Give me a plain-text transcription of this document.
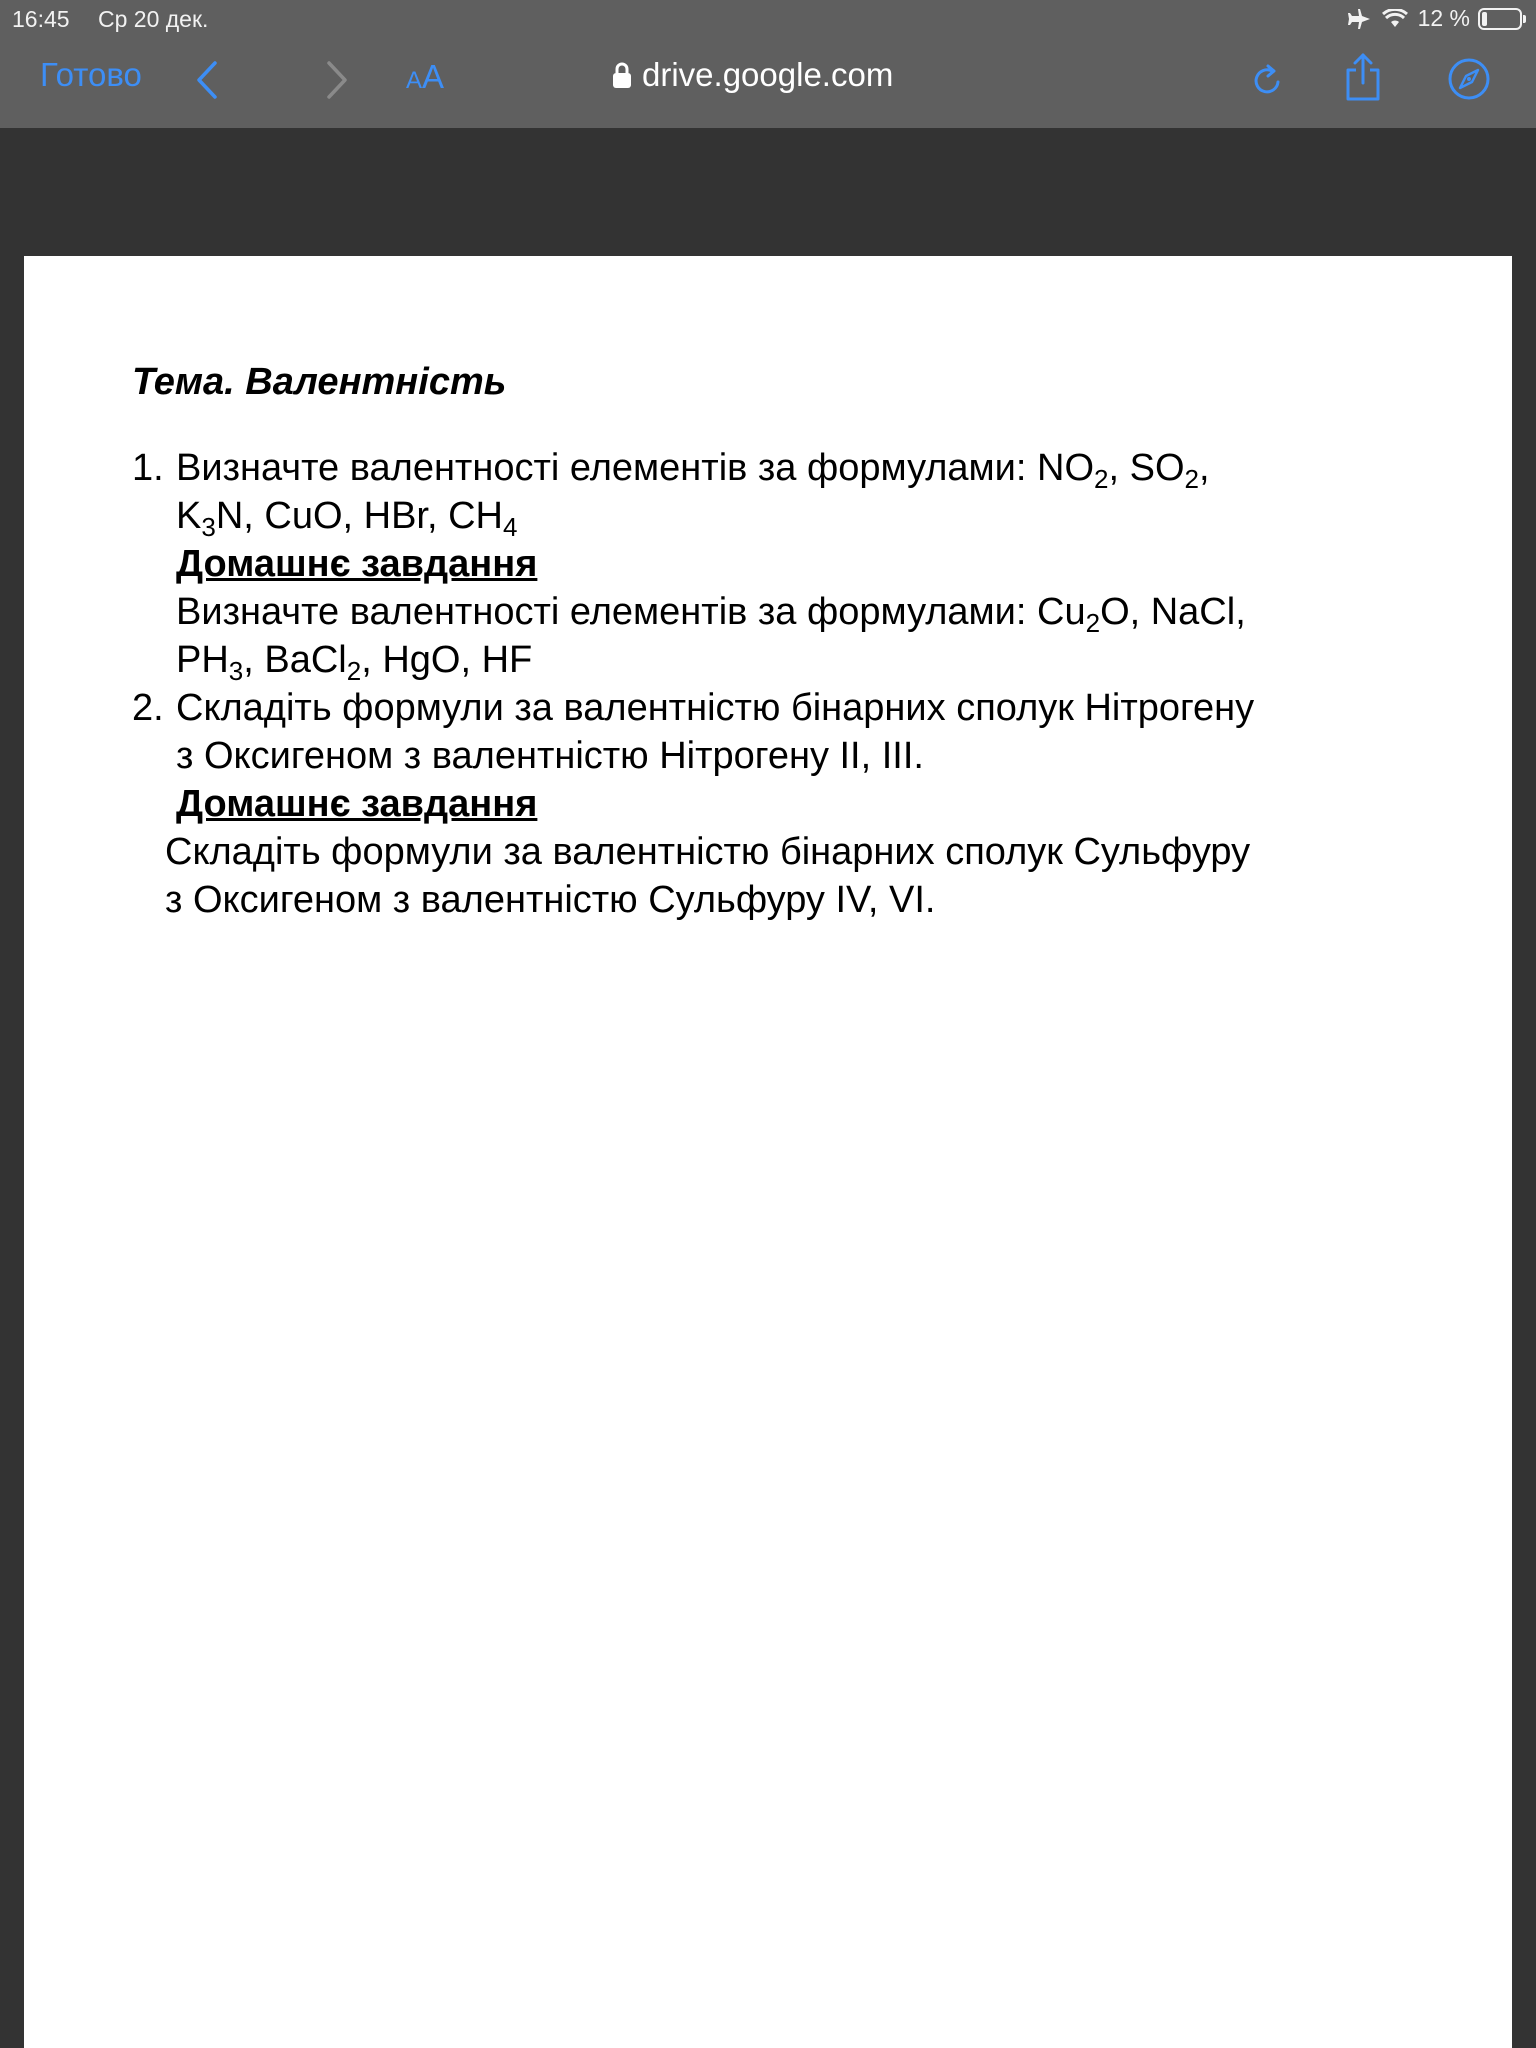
16:45 Ср 20 дек.	12 %
Готово	AA	drive.google.com
Тема. Валентність
1. Визначте валентності елементів за формулами: $NO_2$, $SO_2$,
$K_3N$, CuO, HBr, $CH_4$
Домашнє завдання
Визначте валентності елементів за формулами: $Cu_2O$, NaCl,
$PH_3$, BaCl$_2$, HgO, HF
2. Складіть формули за валентністю бінарних сполук Нітрогену
з Оксигеном з валентністю Нітрогену II, III.
Домашнє завдання
Складіть формули за валентністю бінарних сполук Сульфуру
з Оксигеном з валентністю Сульфуру IV, VI.
